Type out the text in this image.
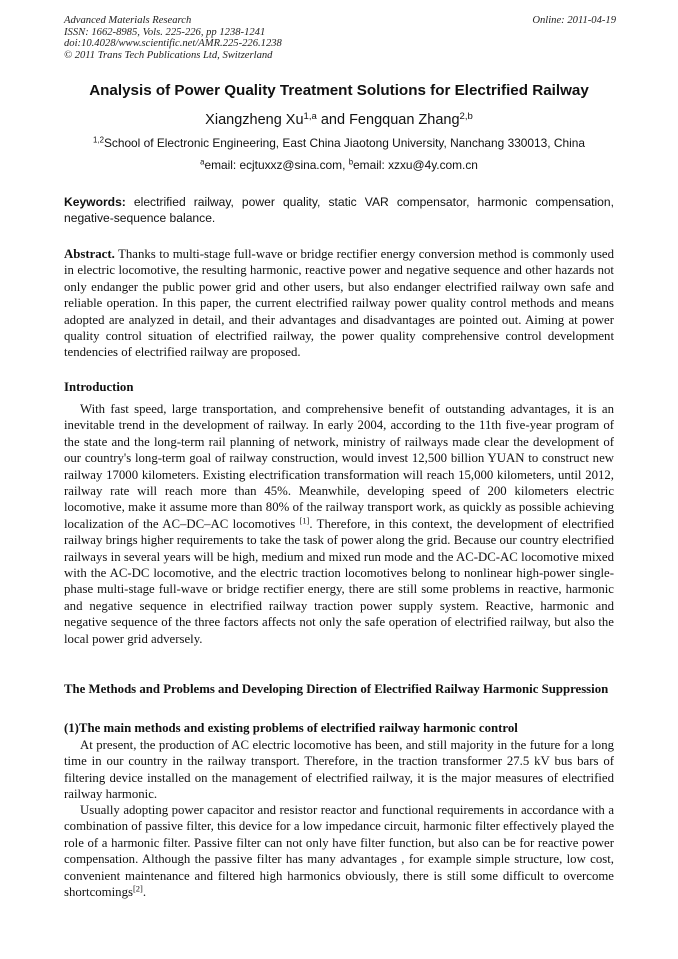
Advanced Materials Research
ISSN: 1662-8985, Vols. 225-226, pp 1238-1241
doi:10.4028/www.scientific.net/AMR.225-226.1238
© 2011 Trans Tech Publications Ltd, Switzerland
Online: 2011-04-19
Analysis of Power Quality Treatment Solutions for Electrified Railway
Xiangzheng Xu$^{1,a}$ and Fengquan Zhang$^{2,b}$
$^{1,2}$School of Electronic Engineering, East China Jiaotong University, Nanchang 330013, China
$^a$email: ecjtuxxz@sina.com, $^b$email: xzxu@4y.com.cn
Keywords: electrified railway, power quality, static VAR compensator, harmonic compensation, negative-sequence balance.
Abstract. Thanks to multi-stage full-wave or bridge rectifier energy conversion method is commonly used in electric locomotive, the resulting harmonic, reactive power and negative sequence and other hazards not only endanger the public power grid and other users, but also endanger electrified railway own safe and reliable operation. In this paper, the current electrified railway power quality control methods and means adopted are analyzed in detail, and their advantages and disadvantages are pointed out. Aiming at power quality control situation of electrified railway, the power quality comprehensive control development tendencies of electrified railway are proposed.
Introduction
With fast speed, large transportation, and comprehensive benefit of outstanding advantages, it is an inevitable trend in the development of railway. In early 2004, according to the 11th five-year program of the state and the long-term rail planning of network, ministry of railways made clear the development of our country's long-term goal of railway construction, would invest 12,500 billion YUAN to construct new railway 17000 kilometers. Existing electrification transformation will reach 15,000 kilometers, until 2012, railway rate will reach more than 45%. Meanwhile, developing speed of 200 kilometers electric locomotive, make it assume more than 80% of the railway transport work, as quickly as possible achieving localization of the AC–DC–AC locomotives [1]. Therefore, in this context, the development of electrified railway brings higher requirements to take the task of power along the grid. Because our country electrified railways in several years will be high, medium and mixed run mode and the AC-DC-AC locomotive mixed with the AC-DC locomotive, and the electric traction locomotives belong to nonlinear high-power single-phase multi-stage full-wave or bridge rectifier energy, there are still some problems in reactive, harmonic and negative sequence in electrified railway traction power supply system. Reactive, harmonic and negative sequence of the three factors affects not only the safe operation of electrified railway, but also the local power grid adversely.
The Methods and Problems and Developing Direction of Electrified Railway Harmonic Suppression
(1)The main methods and existing problems of electrified railway harmonic control
At present, the production of AC electric locomotive has been, and still majority in the future for a long time in our country in the railway transport. Therefore, in the traction transformer 27.5 kV bus bars of filtering device installed on the management of electrified railway, it is the major measures of electrified railway harmonic.
Usually adopting power capacitor and resistor reactor and functional requirements in accordance with a combination of passive filter, this device for a low impedance circuit, harmonic filter effectively played the role of a harmonic filter. Passive filter can not only have filter function, but also can be for reactive power compensation. Although the passive filter has many advantages , for example simple structure, low cost, convenient maintenance and filtered high harmonics obviously, there is still some difficult to overcome shortcomings[2].
